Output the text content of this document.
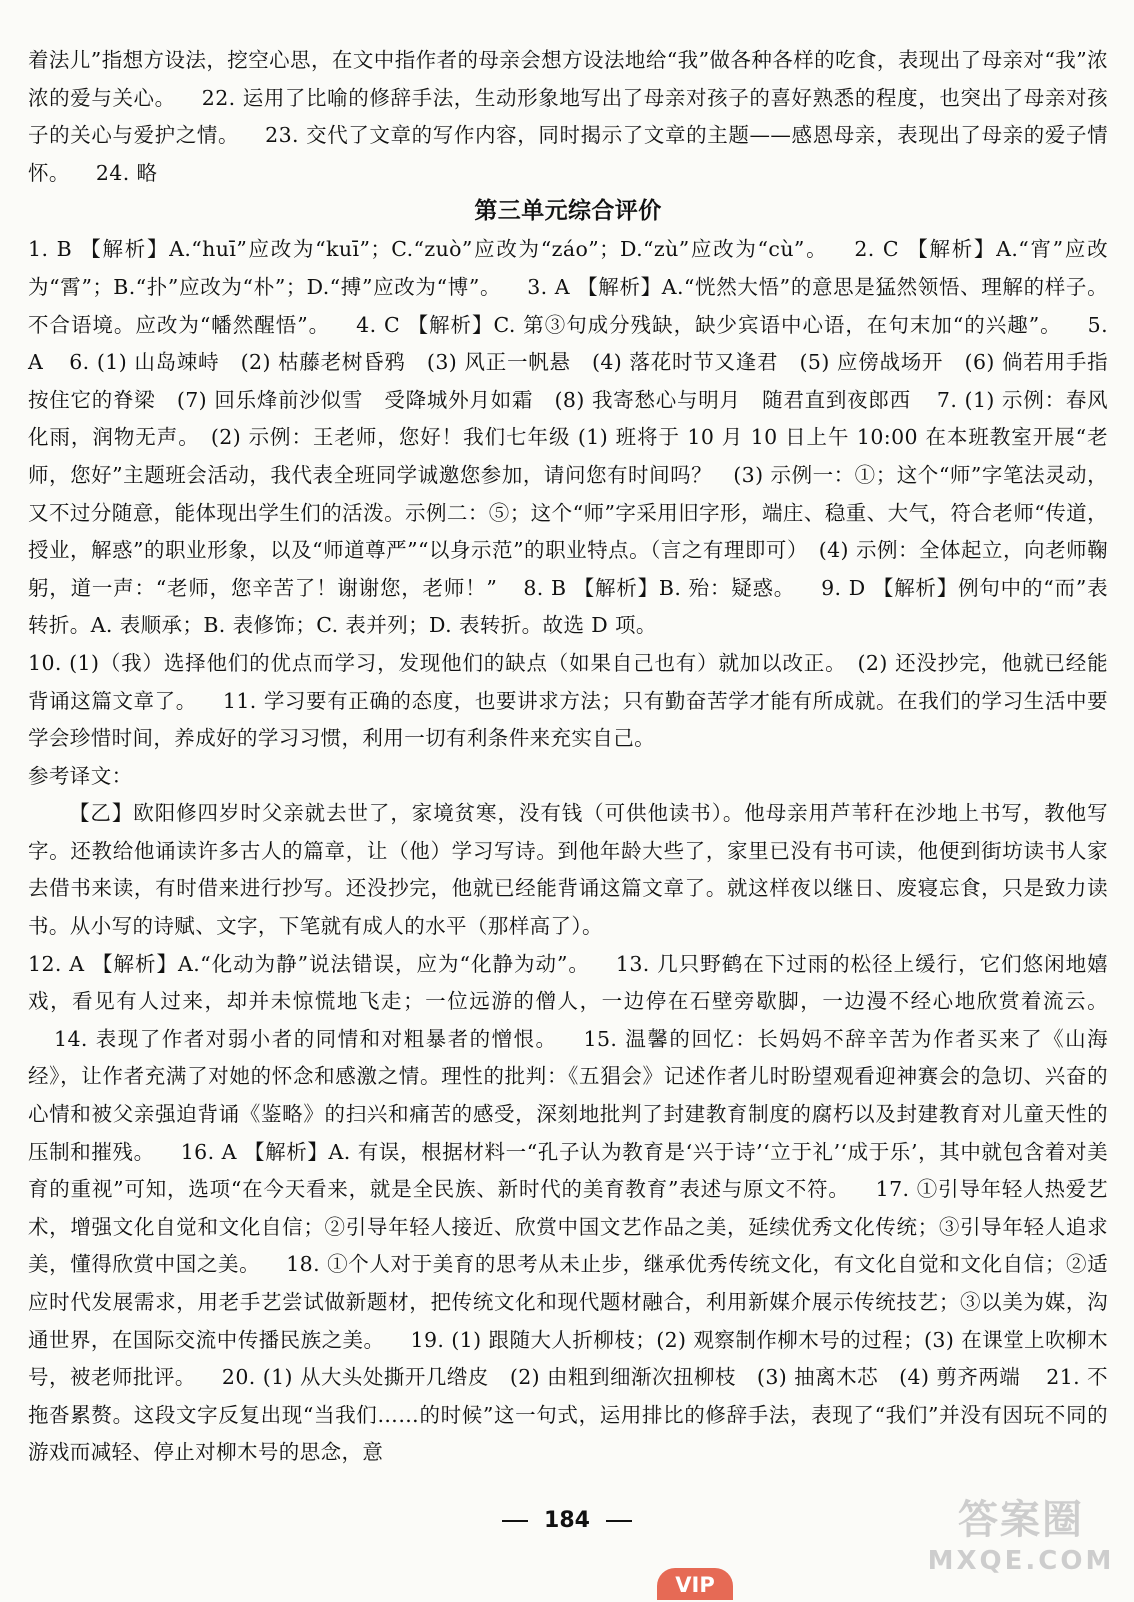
着法儿”指想方设法，挖空心思，在文中指作者的母亲会想方设法地给“我”做各种各样的吃食，表现出了母亲对“我”浓浓的爱与关心。 22. 运用了比喻的修辞手法，生动形象地写出了母亲对孩子的喜好熟悉的程度，也突出了母亲对孩子的关心与爱护之情。 23. 交代了文章的写作内容，同时揭示了文章的主题——感恩母亲，表现出了母亲的爱子情怀。 24. 略

第三单元综合评价

1. B 【解析】A.“huī”应改为“kuī”；C.“zuò”应改为“záo”；D.“zù”应改为“cù”。 2. C 【解析】A.“宵”应改为“霄”；B.“扑”应改为“朴”；D.“搏”应改为“博”。 3. A 【解析】A.“恍然大悟”的意思是猛然领悟、理解的样子。不合语境。应改为“幡然醒悟”。 4. C 【解析】C. 第③句成分残缺，缺少宾语中心语，在句末加“的兴趣”。 5. A 6. (1) 山岛竦峙　(2) 枯藤老树昏鸦　(3) 风正一帆悬　(4) 落花时节又逢君　(5) 应傍战场开　(6) 倘若用手指按住它的脊梁　(7) 回乐烽前沙似雪　受降城外月如霜　(8) 我寄愁心与明月　随君直到夜郎西 7. (1) 示例：春风化雨，润物无声。　(2) 示例：王老师，您好！我们七年级 (1) 班将于 10 月 10 日上午 10:00 在本班教室开展“老师，您好”主题班会活动，我代表全班同学诚邀您参加，请问您有时间吗？　(3) 示例一：①；这个“师”字笔法灵动，又不过分随意，能体现出学生们的活泼。示例二：⑤；这个“师”字采用旧字形，端庄、稳重、大气，符合老师“传道，授业，解惑”的职业形象，以及“师道尊严”“以身示范”的职业特点。（言之有理即可）　(4) 示例：全体起立，向老师鞠躬，道一声：“老师，您辛苦了！谢谢您，老师！” 8. B 【解析】B. 殆：疑惑。 9. D 【解析】例句中的“而”表转折。A. 表顺承；B. 表修饰；C. 表并列；D. 表转折。故选 D 项。

10. (1)（我）选择他们的优点而学习，发现他们的缺点（如果自己也有）就加以改正。　(2) 还没抄完，他就已经能背诵这篇文章了。 11. 学习要有正确的态度，也要讲求方法；只有勤奋苦学才能有所成就。在我们的学习生活中要学会珍惜时间，养成好的学习习惯，利用一切有利条件来充实自己。

参考译文：

【乙】欧阳修四岁时父亲就去世了，家境贫寒，没有钱（可供他读书）。他母亲用芦苇秆在沙地上书写，教他写字。还教给他诵读许多古人的篇章，让（他）学习写诗。到他年龄大些了，家里已没有书可读，他便到街坊读书人家去借书来读，有时借来进行抄写。还没抄完，他就已经能背诵这篇文章了。就这样夜以继日、废寝忘食，只是致力读书。从小写的诗赋、文字，下笔就有成人的水平（那样高了）。

12. A 【解析】A.“化动为静”说法错误，应为“化静为动”。 13. 几只野鹤在下过雨的松径上缓行，它们悠闲地嬉戏，看见有人过来，却并未惊慌地飞走；一位远游的僧人，一边停在石壁旁歇脚，一边漫不经心地欣赏着流云。14. 表现了作者对弱小者的同情和对粗暴者的憎恨。 15. 温馨的回忆：长妈妈不辞辛苦为作者买来了《山海经》，让作者充满了对她的怀念和感激之情。理性的批判：《五猖会》记述作者儿时盼望观看迎神赛会的急切、兴奋的心情和被父亲强迫背诵《鉴略》的扫兴和痛苦的感受，深刻地批判了封建教育制度的腐朽以及封建教育对儿童天性的压制和摧残。 16. A 【解析】A. 有误，根据材料一“孔子认为教育是‘兴于诗’‘立于礼’‘成于乐’，其中就包含着对美育的重视”可知，选项“在今天看来，就是全民族、新时代的美育教育”表述与原文不符。 17. ①引导年轻人热爱艺术，增强文化自觉和文化自信；②引导年轻人接近、欣赏中国文艺作品之美，延续优秀文化传统；③引导年轻人追求美，懂得欣赏中国之美。 18. ①个人对于美育的思考从未止步，继承优秀传统文化，有文化自觉和文化自信；②适应时代发展需求，用老手艺尝试做新题材，把传统文化和现代题材融合，利用新媒介展示传统技艺；③以美为媒，沟通世界，在国际交流中传播民族之美。 19. (1) 跟随大人折柳枝；(2) 观察制作柳木号的过程；(3) 在课堂上吹柳木号，被老师批评。 20. (1) 从大头处撕开几绺皮　(2) 由粗到细渐次扭柳枝　(3) 抽离木芯　(4) 剪齐两端 21. 不拖沓累赘。这段文字反复出现“当我们……的时候”这一句式，运用排比的修辞手法，表现了“我们”并没有因玩不同的游戏而减轻、停止对柳木号的思念，意

184
VIP
答案圈
MXQE.COM
